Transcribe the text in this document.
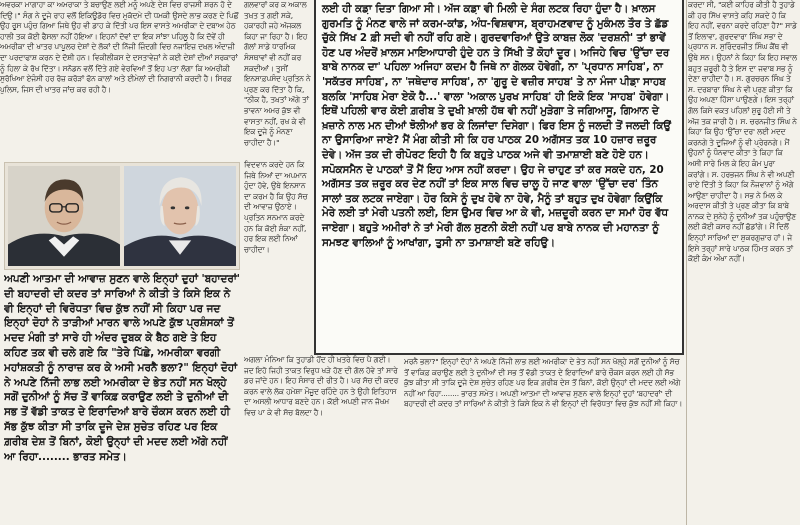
ਅਵਰਕਾ ਮਾਗਾਹਾ ਕਾ ਅਮਰਾਕਾ ਤੇ ਬਚਾਉਣ ਲਈ ਮਨੂੰ ਅਪਣੇ ਦੇਸ਼ ਵਿਚ ਰਾਜਸੀ ਸ਼ਰਨ ਹੋ ਦੇ ਦਿਉ।" ਸੰਗ ਨੇ ਦੂਜੇ ਰਾਹ ਵਲੋਂ ਇਕਿਊਡੋਰ ਵਿਚ ਮੁਕੱਦਮੇ ਦੀ ਧਮਕੀ ਉਸਦੇ ਲਾਭ ਕਰਣ ਦੇ ਪਿਛੋਂ ਉਹ ਰੂਸ ਪਹੁੰਚ ਗਿਆ ਜਿਥੇ ਉਹ ਵੀ ਡਾਹ ਕੇ ਦਿੱਤੀ ਪਰ ਇਸ ਵਾਸਤੇ ਅਮਰੀਕਾ ਦੇ ਦਬਾਅ ਹੇਠ ਹਾਲੀ ਤਕ ਕੋਈ ਫੈਸਲਾ ਨਹੀਂ ਹੋਇਆ। ਇਹਨਾਂ ਦੋਵਾਂ ਦਾ ਇਕ ਸਾਂਝਾ ਪਹਿਲੂ ਹੈ ਕਿ ਦੋਵੇਂ ਹੀ ਅਮਰੀਕਾ ਦੀ ਖਾਤਰ ਪਾਪੂਲਰ ਦੇਸ਼ਾਂ ਦੇ ਲੋਕਾਂ ਦੀ ਨਿੱਜੀ ਜ਼ਿੰਦਗੀ ਵਿਚ ਨਜਾਇਜ਼ ਦਖ਼ਲ ਅੰਦਾਜ਼ੀ ਦਾ ਪਰਦਾਫਾਸ਼ ਕਰਨ ਦੇ ਦੋਸ਼ੀ ਹਨ। ਵਿਕੀਲੀਕਸ ਦੇ ਦਸਤਾਵੇਜ਼ਾਂ ਨੇ ਕਈ ਦੇਸ਼ਾਂ ਦੀਆਂ ਸਰਕਾਰਾਂ ਨੂੰ ਹਿਲਾ ਕੇ ਰੱਖ ਦਿੱਤਾ। ਸਨੋਡਨ ਵਲੋਂ ਦਿੱਤੇ ਗਏ ਵੇਰਵਿਆਂ ਤੋਂ ਇਹ ਪਤਾ ਲੱਗਾ ਕਿ ਅਮਰੀਕੀ ਸੁਰੱਖਿਆ ਏਜੰਸੀ ਹਰ ਰੋਜ਼ ਕਰੋੜਾਂ ਫੋਨ ਕਾਲਾਂ ਅਤੇ ਈਮੇਲਾਂ ਦੀ ਨਿਗਰਾਨੀ ਕਰਦੀ ਹੈ। ਸਿਰਫ਼ ਪੁਲਿਸ, ਜਿਸ ਦੀ ਖਾਤਰ ਜਾਂਚ ਕਰ ਰਹੀ ਹੈ।

ਅਪਣੀ ਆਤਮਾ ਦੀ ਆਵਾਜ਼ ਸੁਣਨ ਵਾਲੇ ਇਨ੍ਹਾਂ ਦੁਹਾਂ 'ਬਹਾਦਰਾਂ' ਦੀ ਬਹਾਦਰੀ ਦੀ ਕਦਰ ਤਾਂ ਸਾਰਿਆਂ ਨੇ ਕੀਤੀ ਤੇ ਕਿਸੇ ਇਕ ਨੇ ਵੀ ਇਨ੍ਹਾਂ ਦੀ ਵਿਰੋਧਤਾ ਵਿਚ ਕੁੱਝ ਨਹੀਂ ਸੀ ਕਿਹਾ ਪਰ ਜਦ ਇਨ੍ਹਾਂ ਦੋਹਾਂ ਨੇ ਤਾੜੀਆਂ ਮਾਰਨ ਵਾਲੇ ਅਪਣੇ ਕੁੱਝ ਪ੍ਰਸ਼ੰਸਕਾਂ ਤੋਂ ਮਦਦ ਮੰਗੀ ਤਾਂ ਸਾਰੇ ਹੀ ਅੰਦਰ ਦੁਬਕ ਕੇ ਬੈਠ ਗਏ ਤੇ ਇਹ ਕਹਿਣ ਤਕ ਵੀ ਚਲੇ ਗਏ ਕਿ "ਤੇਰੇ ਪਿੱਛੇ, ਅਮਰੀਕਾ ਵਰਗੀ ਮਹਾਂਸ਼ਕਤੀ ਨੂੰ ਨਾਰਾਜ਼ ਕਰ ਕੇ ਅਸੀ ਮਰਨੈ ਭਲਾ?" ਇਨ੍ਹਾਂ ਦੋਹਾਂ ਨੇ ਅਪਣੇ ਨਿੱਜੀ ਲਾਭ ਲਈ ਅਮਰੀਕਾ ਦੇ ਭੇਤ ਨਹੀਂ ਸਨ ਖੋਲ੍ਹੇ ਸਗੋਂ ਦੁਨੀਆਂ ਨੂੰ ਸੱਚ ਤੋਂ ਵਾਕਿਫ਼ ਕਰਾਉਣ ਲਈ ਤੇ ਦੁਨੀਆਂ ਦੀ ਸਭ ਤੋਂ ਵੱਡੀ ਤਾਕਤ ਦੇ ਇਰਾਦਿਆਂ ਬਾਰੇ ਚੌਕਸ ਕਰਨ ਲਈ ਹੀ ਸੱਭ ਕੁੱਝ ਕੀਤਾ ਸੀ ਤਾਕਿ ਦੂਜੇ ਦੇਸ਼ ਸੁਚੇਤ ਰਹਿਣ ਪਰ ਇਕ ਗ਼ਰੀਬ ਦੇਸ਼ ਤੋਂ ਬਿਨਾਂ, ਕੋਈ ਉਨ੍ਹਾਂ ਦੀ ਮਦਦ ਲਈ ਅੱਗੇ ਨਹੀਂ ਆ ਰਿਹਾ........ ਭਾਰਤ ਸਮੇਤ।

ਗਲਵਾਰਾਂ ਕਰ ਕ ਅਕਾਲ ਤਖ਼ਤ ਤ ਗਈ ਸਕੇ, ਹਕਾਰਹੀ ਜਹੇ ਅੱਜਕਲ ਕਿਹਾ ਜਾ ਰਿਹਾ ਹੈ। ਇਹ ਗੱਲਾਂ ਸਾਡੇ ਧਾਰਮਿਕ ਸੰਸਥਾਵਾਂ ਵੀ ਨਹੀਂ ਕਰ ਸਕਦੀਆਂ। ਤੁਸੀਂ ਇਨਸਾਫ਼ਪਸੰਦ ਪ੍ਰਤਿਨ ਨੇ ਪ੍ਰਣ ਕਰ ਦਿੱਤਾ ਹੈ ਕਿ, "ਠੀਕ ਹੈ, ਤਖ਼ਤਾਂ ਅੱਗੇ ਤਾਂ ਭਾਵਨਾ ਅਮਰ ਕੁੱਝ ਵੀ ਵਾਸਤਾ ਨਹੀਂ, ਰਖ ਕੇ ਵੀ ਇਕ ਦੂਜੇ ਨੂੰ ਮੰਨਣਾ ਚਾਹੀਦਾ ਹੈ।"

ਵਿਦਵਾਨ ਕਰਦੇ ਹਨ ਕਿ ਜਿਥੇ ਨਿਆਂ ਦਾ ਅਪਮਾਨ ਹੁੰਦਾ ਹੋਵੇ, ਉਥੇ ਇਨਸਾਨ ਦਾ ਕਰਮ ਹੈ ਕਿ ਉਹ ਸੱਚ ਦੀ ਆਵਾਜ਼ ਉਠਾਏ। ਪ੍ਰਤਿਨ ਸਨਮਾਨ ਕਰਦੇ ਹਨ ਕਿ ਕੋਈ ਸ਼ੰਕਾ ਨਹੀਂ, ਹਰ ਇਕ ਲਈ ਨਿਆਂ ਚਾਹੀਦਾ।

ਅਗਲਾ ਮੰਨਿਆ ਕਿ ਤੁਹਾਡੀ ਹੋਂਦ ਹੀ ਖ਼ਤਰੇ ਵਿਚ ਪੈ ਗਈ। ਜਦ ਇਹੋ ਜਿਹੀ ਤਾਕਤ ਵਿਰੁਧ ਖੜੇ ਹੋਣ ਦੀ ਗੱਲ ਹੋਵੇ ਤਾਂ ਸਾਰੇ ਡਰ ਜਾਂਦੇ ਹਨ। ਇਹ ਸੰਸਾਰ ਦੀ ਰੀਤ ਹੈ। ਪਰ ਸੱਚ ਦੀ ਕਦਰ ਕਰਨ ਵਾਲੇ ਲੋਕ ਹਮੇਸ਼ਾ ਮੌਜੂਦ ਰਹਿੰਦੇ ਹਨ ਤੇ ਉਹੀ ਇਤਿਹਾਸ ਦਾ ਅਸਲੀ ਆਧਾਰ ਬਣਦੇ ਹਨ। ਕੋਈ ਅਪਣੀ ਜਾਨ ਜੋਖਮ ਵਿਚ ਪਾ ਕੇ ਵੀ ਸੱਚ ਬੋਲਦਾ ਹੈ।

ਲਈ ਹੀ ਕਡ਼ਾ ਦਿਤਾ ਗਿਆ ਸੀ। ਅੱਜ ਕਡ਼ਾ ਵੀ ਮਿਲੀ ਦੇ ਸੰਗ ਲਟਕ ਰਿਹਾ ਹੁੰਦਾ ਹੈ। ਖ਼ਾਲਸ ਗੁਰਮਤਿ ਨੂੰ ਮੰਨਣ ਵਾਲੇ ਜਾਂ ਕਰਮ-ਕਾਂਡ, ਅੰਧ-ਵਿਸ਼ਵਾਸ, ਬ੍ਰਾਹਮਣਵਾਦ ਨੂੰ ਮੁਕੰਮਲ ਤੌਰ ਤੇ ਛੱਡ ਚੁੱਕੇ ਸਿੱਖ 2 ਫ਼ੀ ਸਦੀ ਵੀ ਨਹੀਂ ਰਹਿ ਗਏ। ਗੁਰਦਵਾਰਿਆਂ ਉਤੇ ਕਾਬਜ਼ ਲੋਕ 'ਦਰਸ਼ਨੀ' ਤਾਂ ਭਾਵੇਂ ਹੋਣ ਪਰ ਅੰਦਰੋਂ ਖ਼ਾਲਸ ਮਾਇਆਧਾਰੀ ਹੁੰਦੇ ਹਨ ਤੇ ਸਿੱਖੀ ਤੋਂ ਕੋਹਾਂ ਦੂਰ। ਅਜਿਹੇ ਵਿਚ 'ਉੱਚਾ ਦਰ ਬਾਬੇ ਨਾਨਕ ਦਾ' ਪਹਿਲਾ ਅਜਿਹਾ ਕਦਮ ਹੈ ਜਿਥੇ ਨਾ ਗੋਲਕ ਹੋਵੇਗੀ, ਨਾ 'ਪ੍ਰਧਾਨ ਸਾਹਿਬ', ਨਾ 'ਸਕੱਤਰ ਸਾਹਿਬ', ਨਾ 'ਜਥੇਦਾਰ ਸਾਹਿਬ', ਨਾ 'ਗੁਰੂ ਦੇ ਵਜ਼ੀਰ ਸਾਹਬ' ਤੇ ਨਾ ਮੰਜਾ ਪੀਡ਼ਾ ਸਾਹਬ ਬਲਕਿ 'ਸਾਹਿਬ ਮੇਰਾ ਏਕੋ ਹੈ...' ਵਾਲਾ 'ਅਕਾਲ ਪੁਰਖ ਸਾਹਿਬ' ਹੀ ਇਕੋ ਇਕ 'ਸਾਹਬ' ਹੋਵੇਗਾ। ਇਥੋਂ ਪਹਿਲੀ ਵਾਰ ਕੋਈ ਗ਼ਰੀਬ ਤੇ ਦੁਖੀ ਖ਼ਾਲੀ ਹੱਥ ਵੀ ਨਹੀਂ ਮੁੜੇਗਾ ਤੇ ਜਗਿਆਸੂ, ਗਿਆਨ ਦੇ ਖ਼ਜ਼ਾਨੇ ਨਾਲ ਮਨ ਦੀਆਂ ਝੋਲੀਆਂ ਭਰ ਕੇ ਲਿਜਾਂਦਾ ਦਿਸੇਗਾ। ਫਿਰ ਇਸ ਨੂੰ ਜਲਦੀ ਤੋਂ ਜਲਦੀ ਕਿਉਂ ਨਾ ਉਸਾਰਿਆ ਜਾਏ? ਮੈਂ ਮੰਗ ਕੀਤੀ ਸੀ ਕਿ ਹਰ ਪਾਠਕ 20 ਅਗੱਸਤ ਤਕ 10 ਹਜ਼ਾਰ ਜ਼ਰੂਰ ਦੇਵੇ। ਅੱਜ ਤਕ ਦੀ ਰੀਪੋਰਟ ਇਹੀ ਹੈ ਕਿ ਬਹੁਤੇ ਪਾਠਕ ਅਜੇ ਵੀ ਤਮਾਸ਼ਾਈ ਬਣੇ ਹੋਏ ਹਨ। ਸਪੋਕਸਮੈਨ ਦੇ ਪਾਠਕਾਂ ਤੋਂ ਮੈਂ ਇਹ ਆਸ ਨਹੀਂ ਕਰਦਾ। ਉਹ ਜੇ ਚਾਹੁਣ ਤਾਂ ਕਰ ਸਕਦੇ ਹਨ, 20 ਅਗੱਸਤ ਤਕ ਜ਼ਰੂਰ ਕਰ ਦੇਣ ਨਹੀਂ ਤਾਂ ਇਕ ਸਾਲ ਵਿਚ ਚਾਲੂ ਹੋ ਜਾਣ ਵਾਲਾ 'ਉੱਚਾ ਦਰ' ਤਿੰਨ ਸਾਲਾਂ ਤਕ ਲਟਕ ਜਾਏਗਾ। ਹੋਰ ਕਿਸੇ ਨੂੰ ਦੁਖ ਹੋਵੇ ਨਾ ਹੋਵੇ, ਮੈਨੂੰ ਤਾਂ ਬਹੁਤ ਦੁਖ ਹੋਵੇਗਾ ਕਿਉਂਕਿ ਮੇਰੇ ਲਈ ਤਾਂ ਮੇਰੀ ਪਤਨੀ ਲਈ, ਇਸ ਉਮਰ ਵਿਚ ਆ ਕੇ ਵੀ, ਮਜ਼ਦੂਰੀ ਕਰਨ ਦਾ ਸਮਾਂ ਹੋਰ ਵੱਧ ਜਾਏਗਾ। ਬਹੁਤੇ ਅਮੀਰਾਂ ਨੇ ਤਾਂ ਮੇਰੀ ਗੱਲ ਸੁਣਨੀ ਕੋਈ ਨਹੀਂ ਪਰ ਬਾਬੇ ਨਾਨਕ ਦੀ ਮਹਾਨਤਾ ਨੂੰ ਸਮਝਣ ਵਾਲਿਆਂ ਨੂੰ ਆਖਾਂਗਾ, ਤੁਸੀ ਨਾ ਤਮਾਸ਼ਾਈ ਬਣੇ ਰਹਿਉ।

ਮਰਨੈ ਭਲਾ?" ਇਨ੍ਹਾਂ ਦੋਹਾਂ ਨੇ ਅਪਣੇ ਨਿੱਜੀ ਲਾਭ ਲਈ ਅਮਰੀਕਾ ਦੇ ਭੇਤ ਨਹੀਂ ਸਨ ਖੋਲ੍ਹੇ ਸਗੋਂ ਦੁਨੀਆਂ ਨੂੰ ਸੱਚ ਤੋਂ ਵਾਕਿਫ਼ ਕਰਾਉਣ ਲਈ ਤੇ ਦੁਨੀਆਂ ਦੀ ਸਭ ਤੋਂ ਵੱਡੀ ਤਾਕਤ ਦੇ ਇਰਾਦਿਆਂ ਬਾਰੇ ਚੌਕਸ ਕਰਨ ਲਈ ਹੀ ਸੱਭ ਕੁੱਝ ਕੀਤਾ ਸੀ ਤਾਕਿ ਦੂਜੇ ਦੇਸ਼ ਸੁਚੇਤ ਰਹਿਣ ਪਰ ਇਕ ਗ਼ਰੀਬ ਦੇਸ਼ ਤੋਂ ਬਿਨਾਂ, ਕੋਈ ਉਨ੍ਹਾਂ ਦੀ ਮਦਦ ਲਈ ਅੱਗੇ ਨਹੀਂ ਆ ਰਿਹਾ........ ਭਾਰਤ ਸਮੇਤ। ਅਪਣੀ ਆਤਮਾ ਦੀ ਆਵਾਜ਼ ਸੁਣਨ ਵਾਲੇ ਇਨ੍ਹਾਂ ਦੁਹਾਂ 'ਬਹਾਦਰਾਂ' ਦੀ ਬਹਾਦਰੀ ਦੀ ਕਦਰ ਤਾਂ ਸਾਰਿਆਂ ਨੇ ਕੀਤੀ ਤੇ ਕਿਸੇ ਇਕ ਨੇ ਵੀ ਇਨ੍ਹਾਂ ਦੀ ਵਿਰੋਧਤਾ ਵਿਚ ਕੁੱਝ ਨਹੀਂ ਸੀ ਕਿਹਾ।

ਕਰਦਾ ਸੀ, "ਕਈ ਕਾਹਿਰ ਕੀਤੀ ਹੈ ਤੁਹਾਡੇ ਕੀ ਹਰ ਸਿੱਖ ਵਾਸਤੇ ਕਹਿ ਸਕਦੇ ਹੋ ਕਿ ਇਹ ਨਹੀਂ, ਵਰਨਾ ਕਰਦੇ ਰਹਿਣਾ ਹੈ?" ਸਾਡੇ ਤੋਂ ਇਲਾਵਾ, ਗੁਰਦਵਾਰਾ ਸਿੰਘ ਸਭਾ ਦੇ ਪ੍ਰਧਾਨ ਸ. ਸੁਰਿੰਦਰਜੀਤ ਸਿੰਘ ਕੈਂਥ ਵੀ ਉਥੇ ਸਨ। ਉਹਨਾਂ ਨੇ ਕਿਹਾ ਕਿ ਇਹ ਸਵਾਲ ਬਹੁਤ ਜ਼ਰੂਰੀ ਹੈ ਤੇ ਇਸ ਦਾ ਜਵਾਬ ਸਭ ਨੂੰ ਦੇਣਾ ਚਾਹੀਦਾ ਹੈ। ਸ. ਗੁਰਚਰਨ ਸਿੰਘ ਤੇ ਸ. ਦਰਬਾਰਾ ਸਿੰਘ ਨੇ ਵੀ ਪ੍ਰਣ ਕੀਤਾ ਕਿ ਉਹ ਅਪਣਾ ਹਿੱਸਾ ਪਾਉਣਗੇ। ਇਸ ਤਰ੍ਹਾਂ ਗੱਲ ਕਿਸੇ ਵਕਤ ਪਹਿਲਾਂ ਸ਼ੁਰੂ ਹੋਈ ਸੀ ਤੇ ਅੱਜ ਤਕ ਜਾਰੀ ਹੈ। ਸ. ਚਰਨਜੀਤ ਸਿੰਘ ਨੇ ਕਿਹਾ ਕਿ ਉਹ 'ਉੱਚਾ ਦਰ' ਲਈ ਮਦਦ ਕਰਨਗੇ ਤੇ ਦੂਜਿਆਂ ਨੂੰ ਵੀ ਪ੍ਰੇਰਨਗੇ। ਮੈਂ ਉਹਨਾਂ ਨੂੰ ਧੰਨਵਾਦ ਕੀਤਾ ਤੇ ਕਿਹਾ ਕਿ ਅਸੀ ਸਾਰੇ ਮਿਲ ਕੇ ਇਹ ਕੰਮ ਪੂਰਾ ਕਰਾਂਗੇ। ਸ. ਹਰਭਜਨ ਸਿੰਘ ਨੇ ਵੀ ਅਪਣੀ ਰਾਏ ਦਿੱਤੀ ਤੇ ਕਿਹਾ ਕਿ ਨੌਜਵਾਨਾਂ ਨੂੰ ਅੱਗੇ ਆਉਣਾ ਚਾਹੀਦਾ ਹੈ। ਸਭ ਨੇ ਮਿਲ ਕੇ ਅਰਦਾਸ ਕੀਤੀ ਤੇ ਪ੍ਰਣ ਕੀਤਾ ਕਿ ਬਾਬੇ ਨਾਨਕ ਦੇ ਸੁਨੇਹੇ ਨੂੰ ਦੁਨੀਆਂ ਤਕ ਪਹੁੰਚਾਉਣ ਲਈ ਕੋਈ ਕਸਰ ਨਹੀਂ ਛੱਡਾਂਗੇ। ਮੈਂ ਦਿਲੋਂ ਇਨ੍ਹਾਂ ਸਾਰਿਆਂ ਦਾ ਸ਼ੁਕਰਗੁਜ਼ਾਰ ਹਾਂ। ਜੇ ਇਸੇ ਤਰ੍ਹਾਂ ਸਾਰੇ ਪਾਠਕ ਹਿੰਮਤ ਕਰਨ ਤਾਂ ਕੋਈ ਕੰਮ ਔਖਾ ਨਹੀਂ।
